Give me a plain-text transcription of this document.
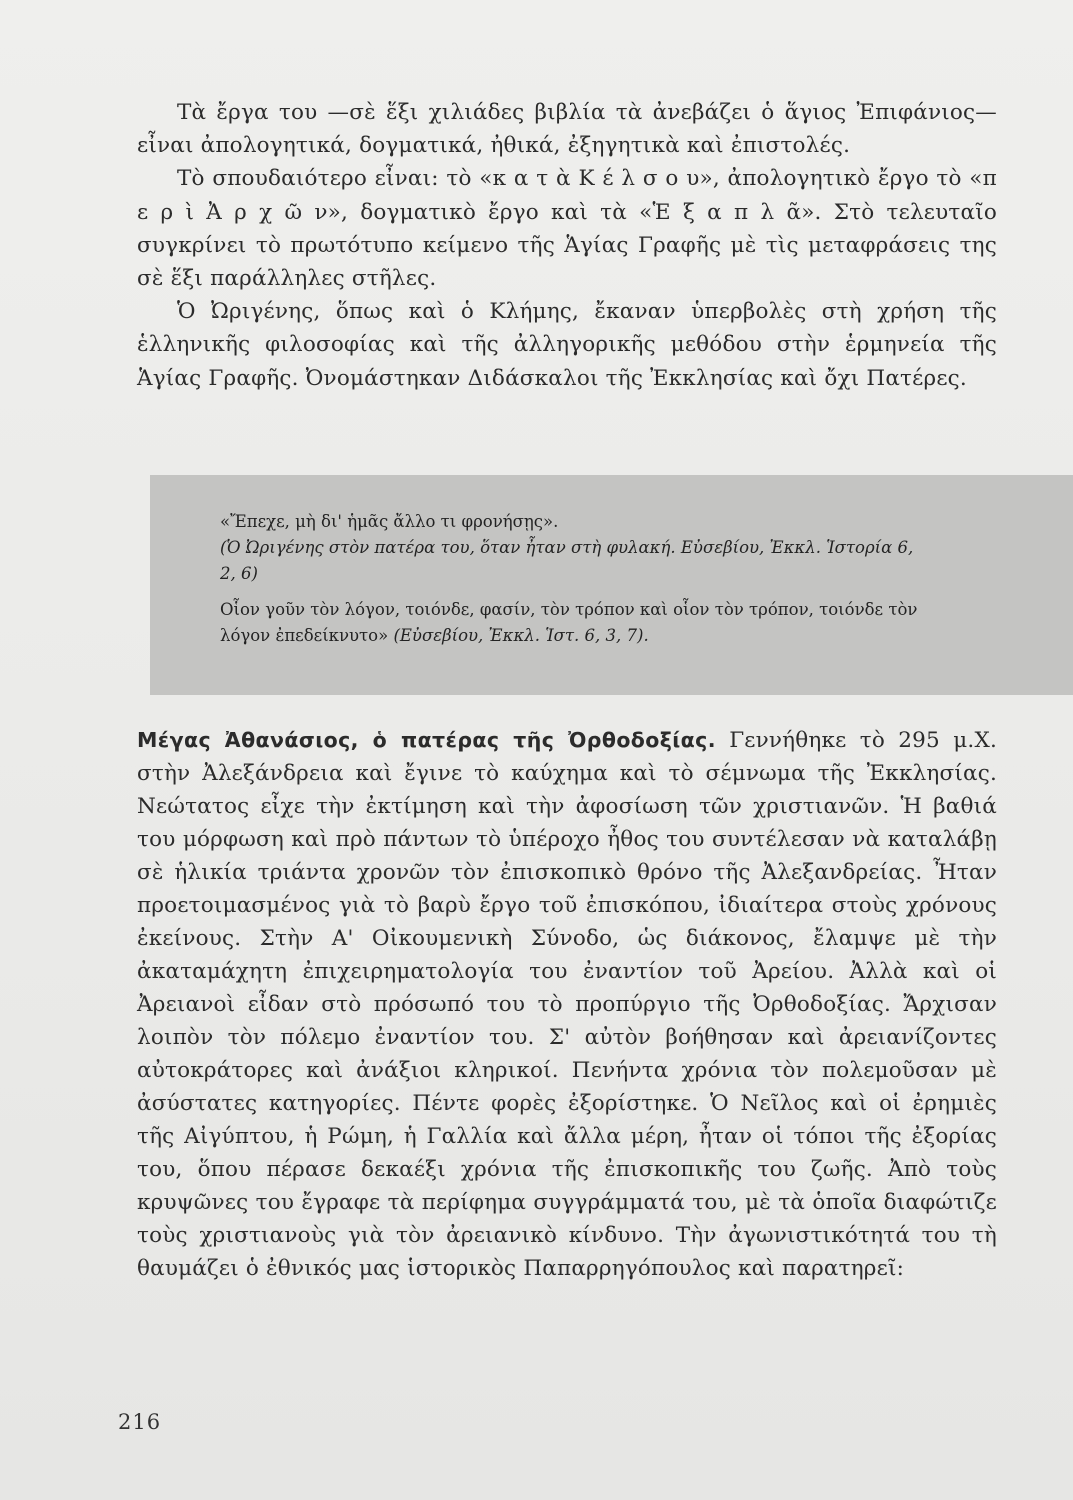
Τὰ ἔργα του —σὲ ἕξι χιλιάδες βιβλία τὰ ἀνεβάζει ὁ ἅγιος Ἐπιφάνιος— εἶναι ἀπολογητικά, δογματικά, ἠθικά, ἐξηγητικὰ καὶ ἐπιστολές.

Τὸ σπουδαιότερο εἶναι: τὸ «κ α τ ὰ Κ έ λ σ ο υ», ἀπολογητικὸ ἔργο τὸ «π ε ρ ὶ Ἀ ρ χ ῶ ν», δογματικὸ ἔργο καὶ τὰ «Ἑ ξ α π λ ᾶ». Στὸ τελευταῖο συγκρίνει τὸ πρωτότυπο κείμενο τῆς Ἁγίας Γραφῆς μὲ τὶς μεταφράσεις της σὲ ἕξι παράλληλες στῆλες.

Ὁ Ὠριγένης, ὅπως καὶ ὁ Κλήμης, ἔκαναν ὑπερβολὲς στὴ χρήση τῆς ἑλληνικῆς φιλοσοφίας καὶ τῆς ἀλληγορικῆς μεθόδου στὴν ἑρμηνεία τῆς Ἁγίας Γραφῆς. Ὀνομάστηκαν Διδάσκαλοι τῆς Ἐκκλησίας καὶ ὄχι Πατέρες.

«Ἔπεχε, μὴ δι' ἡμᾶς ἄλλο τι φρονήσῃς».

(Ὁ Ὠριγένης στὸν πατέρα του, ὅταν ἦταν στὴ φυλακή. Εὐσεβίου, Ἐκκλ. Ἱστορία 6, 2, 6)

Οἷον γοῦν τὸν λόγον, τοιόνδε, φασίν, τὸν τρόπον καὶ οἷον τὸν τρόπον, τοιόνδε τὸν λόγον ἐπεδείκνυτο» (Εὐσεβίου, Ἐκκλ. Ἱστ. 6, 3, 7).

Μέγας Ἀθανάσιος, ὁ πατέρας τῆς Ὀρθοδοξίας. Γεννήθηκε τὸ 295 μ.Χ. στὴν Ἀλεξάνδρεια καὶ ἔγινε τὸ καύχημα καὶ τὸ σέμνωμα τῆς Ἐκκλησίας. Νεώτατος εἶχε τὴν ἐκτίμηση καὶ τὴν ἀφοσίωση τῶν χριστιανῶν. Ἡ βαθιά του μόρφωση καὶ πρὸ πάντων τὸ ὑπέροχο ἦθος του συντέλεσαν νὰ καταλάβῃ σὲ ἡλικία τριάντα χρονῶν τὸν ἐπισκοπικὸ θρόνο τῆς Ἀλεξανδρείας. Ἦταν προετοιμασμένος γιὰ τὸ βαρὺ ἔργο τοῦ ἐπισκόπου, ἰδιαίτερα στοὺς χρόνους ἐκείνους. Στὴν Α' Οἰκουμενικὴ Σύνοδο, ὡς διάκονος, ἔλαμψε μὲ τὴν ἀκαταμάχητη ἐπιχειρηματολογία του ἐναντίον τοῦ Ἀρείου. Ἀλλὰ καὶ οἱ Ἀρειανοὶ εἶδαν στὸ πρόσωπό του τὸ προπύργιο τῆς Ὀρθοδοξίας. Ἄρχισαν λοιπὸν τὸν πόλεμο ἐναντίον του. Σ' αὐτὸν βοήθησαν καὶ ἀρειανίζοντες αὐτοκράτορες καὶ ἀνάξιοι κληρικοί. Πενήντα χρόνια τὸν πολεμοῦσαν μὲ ἀσύστατες κατηγορίες. Πέντε φορὲς ἐξορίστηκε. Ὁ Νεῖλος καὶ οἱ ἐρημιὲς τῆς Αἰγύπτου, ἡ Ρώμη, ἡ Γαλλία καὶ ἄλλα μέρη, ἦταν οἱ τόποι τῆς ἐξορίας του, ὅπου πέρασε δεκαέξι χρόνια τῆς ἐπισκοπικῆς του ζωῆς. Ἀπὸ τοὺς κρυψῶνες του ἔγραφε τὰ περίφημα συγγράμματά του, μὲ τὰ ὁποῖα διαφώτιζε τοὺς χριστιανοὺς γιὰ τὸν ἀρειανικὸ κίνδυνο. Τὴν ἀγωνιστικότητά του τὴ θαυμάζει ὁ ἐθνικός μας ἱστορικὸς Παπαρρηγόπουλος καὶ παρατηρεῖ:

216
